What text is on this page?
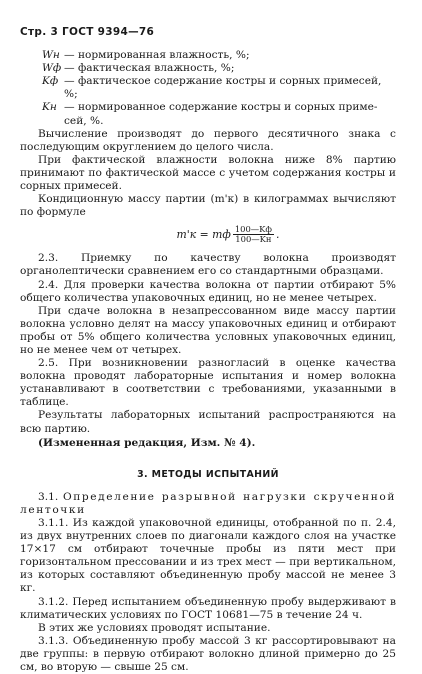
Стр. 3 ГОСТ 9394—76
Wн — нормированная влажность, %;
Wф — фактическая влажность, %;
Kф — фактическое содержание костры и сорных примесей, %;
Kн — нормированное содержание костры и сорных приме-
сей, %.

Вычисление производят до первого десятичного знака с последующим округлением до целого числа.

При фактической влажности волокна ниже 8% партию принимают по фактической массе с учетом содержания костры и сорных примесей.

Кондиционную массу партии (m'к) в килограммах вычисляют по формуле

m'к = mф $\frac{100—Kф}{100—Kн}$ .

2.3. Приемку по качеству волокна производят органолептически сравнением его со стандартными образцами.

2.4. Для проверки качества волокна от партии отбирают 5% общего количества упаковочных единиц, но не менее четырех.

При сдаче волокна в незапрессованном виде массу партии волокна условно делят на массу упаковочных единиц и отбирают пробы от 5% общего количества условных упаковочных единиц, но не менее чем от четырех.

2.5. При возникновении разногласий в оценке качества волокна проводят лабораторные испытания и номер волокна устанавливают в соответствии с требованиями, указанными в таблице.

Результаты лабораторных испытаний распространяются на всю партию.

(Измененная редакция, Изм. № 4).

3. МЕТОДЫ ИСПЫТАНИЙ

3.1. Определение разрывной нагрузки скрученной ленточки

3.1.1. Из каждой упаковочной единицы, отобранной по п. 2.4, из двух внутренних слоев по диагонали каждого слоя на участке 17×17 см отбирают точечные пробы из пяти мест при горизонтальном прессовании и из трех мест — при вертикальном, из которых составляют объединенную пробу массой не менее 3 кг.

3.1.2. Перед испытанием объединенную пробу выдерживают в климатических условиях по ГОСТ 10681—75 в течение 24 ч.

В этих же условиях проводят испытание.

3.1.3. Объединенную пробу массой 3 кг рассортировывают на две группы: в первую отбирают волокно длиной примерно до 25 см, во вторую — свыше 25 см.
